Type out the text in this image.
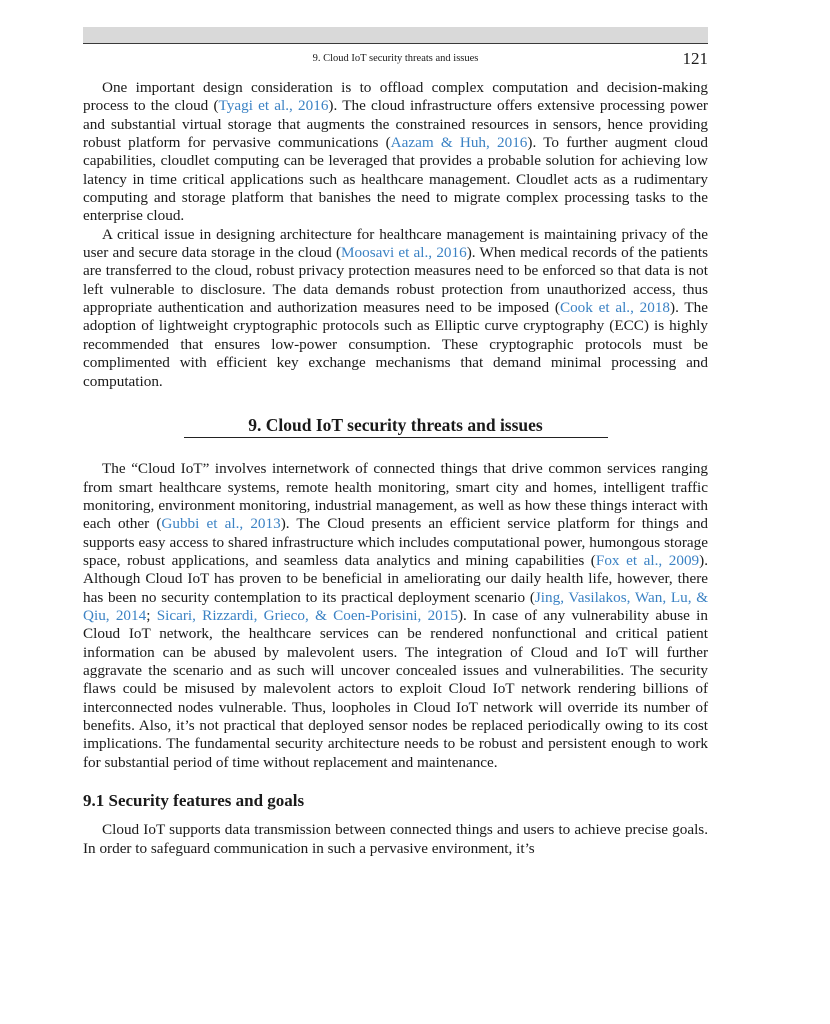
9. Cloud IoT security threats and issues	121

One important design consideration is to offload complex computation and decision-making process to the cloud (Tyagi et al., 2016). The cloud infrastructure offers extensive processing power and substantial virtual storage that augments the constrained resources in sensors, hence providing robust platform for pervasive communications (Aazam & Huh, 2016). To further augment cloud capabilities, cloudlet computing can be leveraged that provides a probable solution for achieving low latency in time critical applications such as healthcare management. Cloudlet acts as a rudimentary computing and storage platform that banishes the need to migrate complex processing tasks to the enterprise cloud.

A critical issue in designing architecture for healthcare management is maintaining privacy of the user and secure data storage in the cloud (Moosavi et al., 2016). When medical records of the patients are transferred to the cloud, robust privacy protection measures need to be enforced so that data is not left vulnerable to disclosure. The data demands robust protection from unauthorized access, thus appropriate authentication and authorization measures need to be imposed (Cook et al., 2018). The adoption of lightweight cryptographic protocols such as Elliptic curve cryptography (ECC) is highly recommended that ensures low-power consumption. These cryptographic protocols must be complimented with efficient key exchange mechanisms that demand minimal processing and computation.

9. Cloud IoT security threats and issues

The “Cloud IoT” involves internetwork of connected things that drive common services ranging from smart healthcare systems, remote health monitoring, smart city and homes, intelligent traffic monitoring, environment monitoring, industrial management, as well as how these things interact with each other (Gubbi et al., 2013). The Cloud presents an efficient service platform for things and supports easy access to shared infrastructure which includes computational power, humongous storage space, robust applications, and seamless data analytics and mining capabilities (Fox et al., 2009). Although Cloud IoT has proven to be beneficial in ameliorating our daily health life, however, there has been no security contemplation to its practical deployment scenario (Jing, Vasilakos, Wan, Lu, & Qiu, 2014; Sicari, Rizzardi, Grieco, & Coen-Porisini, 2015). In case of any vulnerability abuse in Cloud IoT network, the healthcare services can be rendered nonfunctional and critical patient information can be abused by malevolent users. The integration of Cloud and IoT will further aggravate the scenario and as such will uncover concealed issues and vulnerabilities. The security flaws could be misused by malevolent actors to exploit Cloud IoT network rendering billions of interconnected nodes vulnerable. Thus, loopholes in Cloud IoT network will override its number of benefits. Also, it’s not practical that deployed sensor nodes be replaced periodically owing to its cost implications. The fundamental security architecture needs to be robust and persistent enough to work for substantial period of time without replacement and maintenance.

9.1 Security features and goals

Cloud IoT supports data transmission between connected things and users to achieve precise goals. In order to safeguard communication in such a pervasive environment, it’s
